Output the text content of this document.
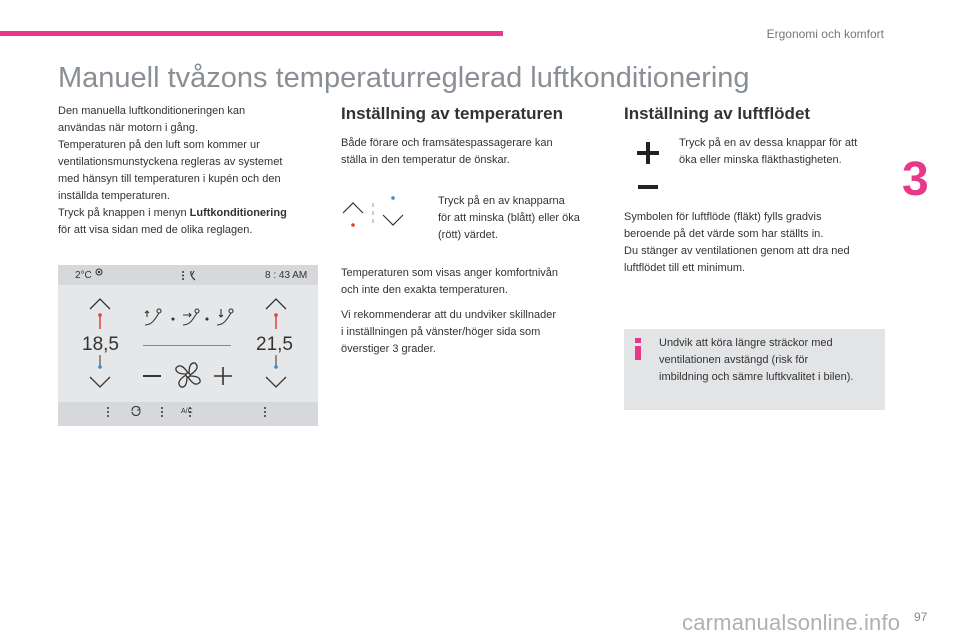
Ergonomi och komfort
3
Manuell tvåzons temperaturreglerad luftkonditionering

Den manuella luftkonditioneringen kan

användas när motorn i gång.

Temperaturen på den luft som kommer ur

ventilationsmunstyckena regleras av systemet

med hänsyn till temperaturen i kupén och den

inställda temperaturen.

Tryck på knappen i menyn Luftkonditionering

för att visa sidan med de olika reglagen.

2°C	8 : 43 AM
18,5	21,5
A/C
Inställning av temperaturen
Både förare och framsätespassagerare kan
ställa in den temperatur de önskar.
Tryck på en av knapparna
för att minska (blått) eller öka
(rött) värdet.
Temperaturen som visas anger komfortnivån
och inte den exakta temperaturen.
Vi rekommenderar att du undviker skillnader
i inställningen på vänster/höger sida som
överstiger 3 grader.
Inställning av luftflödet
Tryck på en av dessa knappar för att
öka eller minska fläkthastigheten.
Symbolen för luftflöde (fläkt) fylls gradvis
beroende på det värde som har ställts in.
Du stänger av ventilationen genom att dra ned
luftflödet till ett minimum.
Undvik att köra längre sträckor med
ventilationen avstängd (risk för
imbildning och sämre luftkvalitet i bilen).
97
carmanualsonline.info
